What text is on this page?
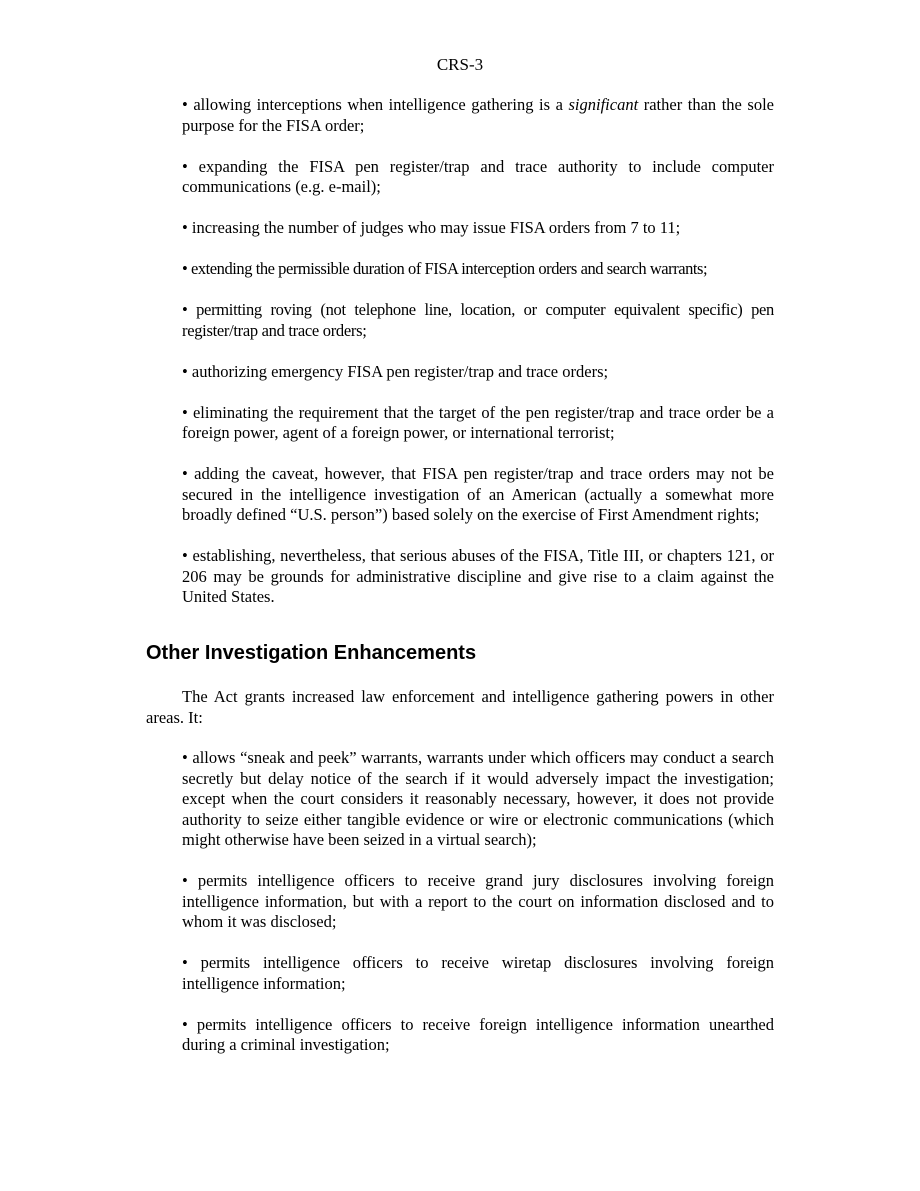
CRS-3

• allowing interceptions when intelligence gathering is a significant rather than the sole purpose for the FISA order;

• expanding the FISA pen register/trap and trace authority to include computer communications (e.g. e-mail);

• increasing the number of judges who may issue FISA orders from 7 to 11;

• extending the permissible duration of FISA interception orders and search warrants;

• permitting roving (not telephone line, location, or computer equivalent specific) pen register/trap and trace orders;

• authorizing emergency FISA pen register/trap and trace orders;

• eliminating the requirement that the target of the pen register/trap and trace order be a foreign power, agent of a foreign power, or international terrorist;

• adding the caveat, however, that FISA pen register/trap and trace orders may not be secured in the intelligence investigation of an American (actually a somewhat more broadly defined “U.S. person”) based solely on the exercise of First Amendment rights;

• establishing, nevertheless, that serious abuses of the FISA, Title III, or chapters 121, or 206 may be grounds for administrative discipline and give rise to a claim against the United States.

Other Investigation Enhancements

The Act grants increased law enforcement and intelligence gathering powers in other areas. It:

• allows “sneak and peek” warrants, warrants under which officers may conduct a search secretly but delay notice of the search if it would adversely impact the investigation; except when the court considers it reasonably necessary, however, it does not provide authority to seize either tangible evidence or wire or electronic communications (which might otherwise have been seized in a virtual search);

• permits intelligence officers to receive grand jury disclosures involving foreign intelligence information, but with a report to the court on information disclosed and to whom it was disclosed;

• permits intelligence officers to receive wiretap disclosures involving foreign intelligence information;

• permits intelligence officers to receive foreign intelligence information unearthed during a criminal investigation;
